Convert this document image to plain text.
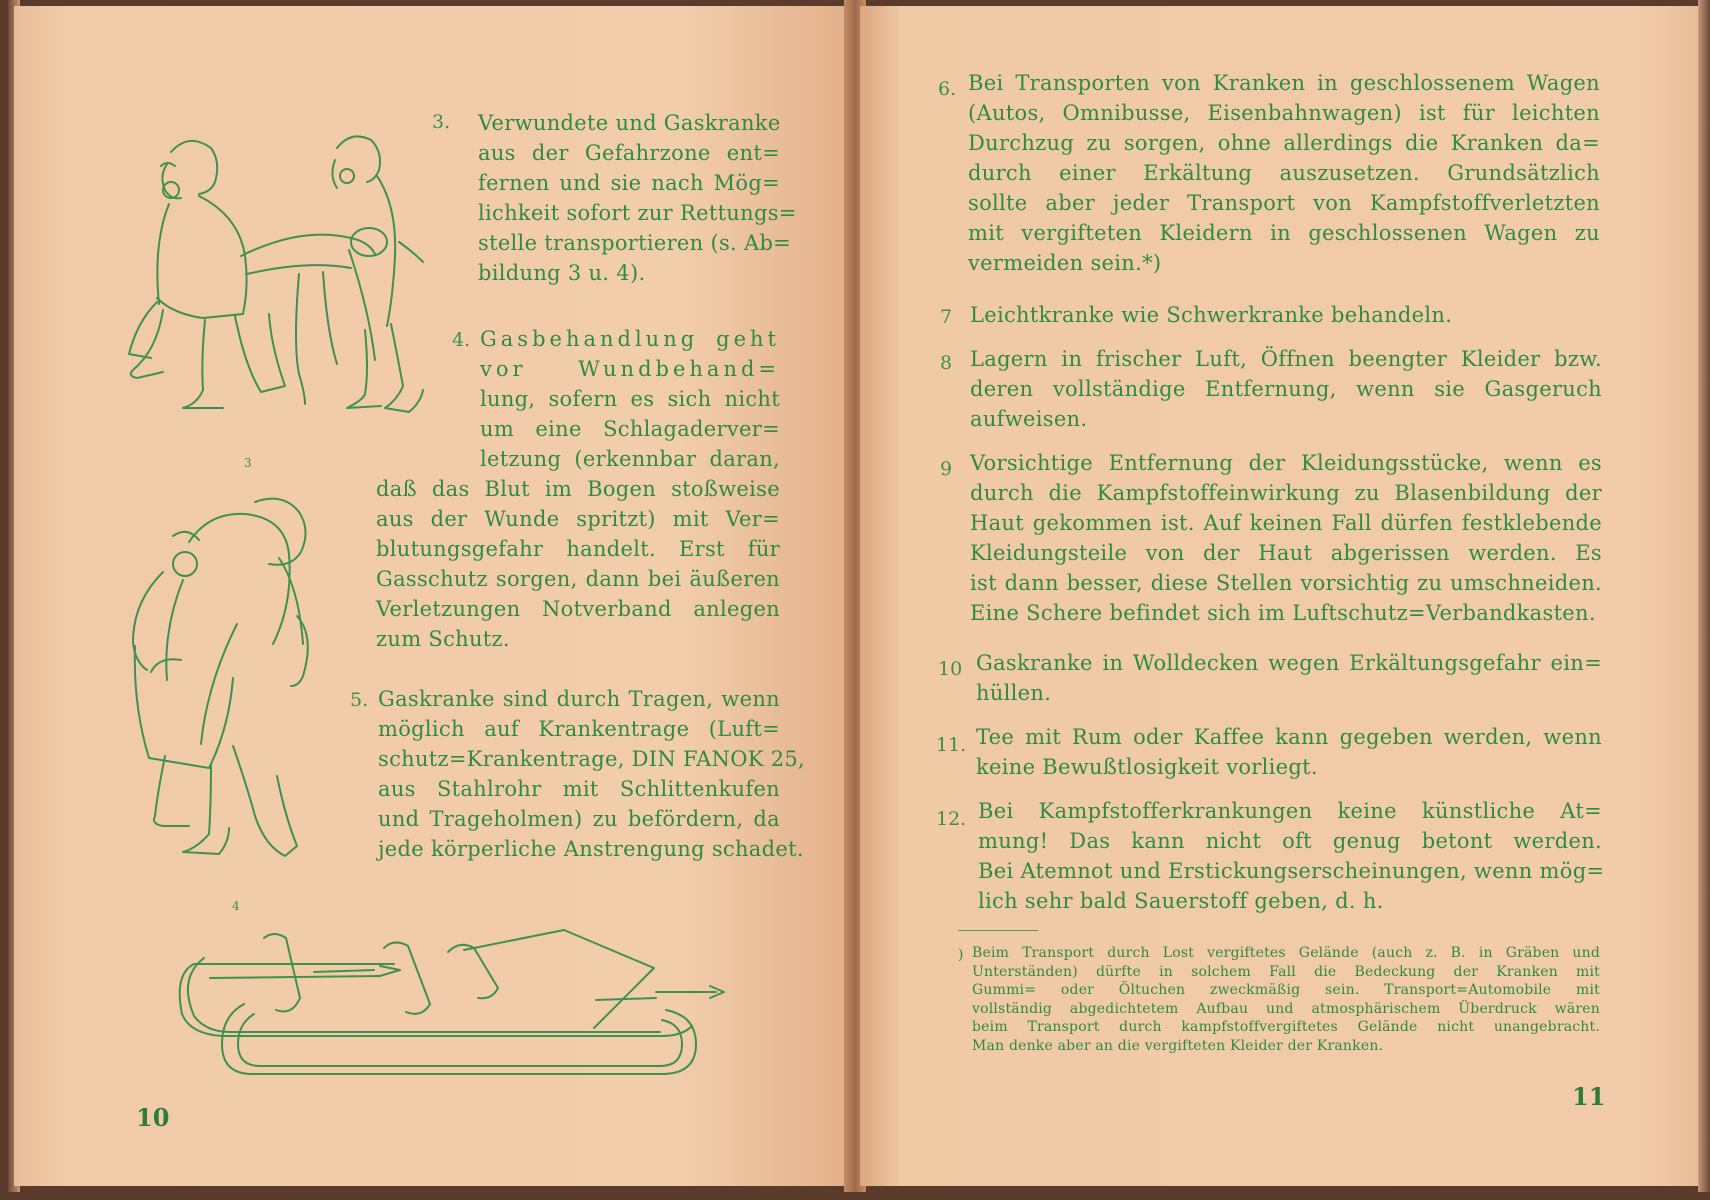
3
4
3. Verwundete und Gaskranke
aus der Gefahrzone ent=
fernen und sie nach Mög=
lichkeit sofort zur Rettungs=
stelle transportieren (s. Ab=
bildung 3 u. 4).
4. Gasbehandlung geht
vor Wundbehand=
lung, sofern es sich nicht
um eine Schlagaderver=
letzung (erkennbar daran,
daß das Blut im Bogen stoßweise
aus der Wunde spritzt) mit Ver=
blutungsgefahr handelt. Erst für
Gasschutz sorgen, dann bei äußeren
Verletzungen Notverband anlegen
zum Schutz.
5. Gaskranke sind durch Tragen, wenn
möglich auf Krankentrage (Luft=
schutz=Krankentrage, DIN FANOK 25,
aus Stahlrohr mit Schlittenkufen
und Trageholmen) zu befördern, da
jede körperliche Anstrengung schadet.
10
6. Bei Transporten von Kranken in geschlossenem Wagen
(Autos, Omnibusse, Eisenbahnwagen) ist für leichten
Durchzug zu sorgen, ohne allerdings die Kranken da=
durch einer Erkältung auszusetzen. Grundsätzlich
sollte aber jeder Transport von Kampfstoffverletzten
mit vergifteten Kleidern in geschlossenen Wagen zu
vermeiden sein.*)
7 Leichtkranke wie Schwerkranke behandeln.
8 Lagern in frischer Luft, Öffnen beengter Kleider bzw.
deren vollständige Entfernung, wenn sie Gasgeruch
aufweisen.
9 Vorsichtige Entfernung der Kleidungsstücke, wenn es
durch die Kampfstoffeinwirkung zu Blasenbildung der
Haut gekommen ist. Auf keinen Fall dürfen festklebende
Kleidungsteile von der Haut abgerissen werden. Es
ist dann besser, diese Stellen vorsichtig zu umschneiden.
Eine Schere befindet sich im Luftschutz=Verbandkasten.
10 Gaskranke in Wolldecken wegen Erkältungsgefahr ein=
hüllen.
11. Tee mit Rum oder Kaffee kann gegeben werden, wenn
keine Bewußtlosigkeit vorliegt.
12. Bei Kampfstofferkrankungen keine künstliche At=
mung! Das kann nicht oft genug betont werden.
Bei Atemnot und Erstickungserscheinungen, wenn mög=
lich sehr bald Sauerstoff geben, d. h.
) Beim Transport durch Lost vergiftetes Gelände (auch z. B. in Gräben und
Unterständen) dürfte in solchem Fall die Bedeckung der Kranken mit
Gummi= oder Öltuchen zweckmäßig sein. Transport=Automobile mit
vollständig abgedichtetem Aufbau und atmosphärischem Überdruck wären
beim Transport durch kampfstoffvergiftetes Gelände nicht unangebracht.
Man denke aber an die vergifteten Kleider der Kranken.
11
